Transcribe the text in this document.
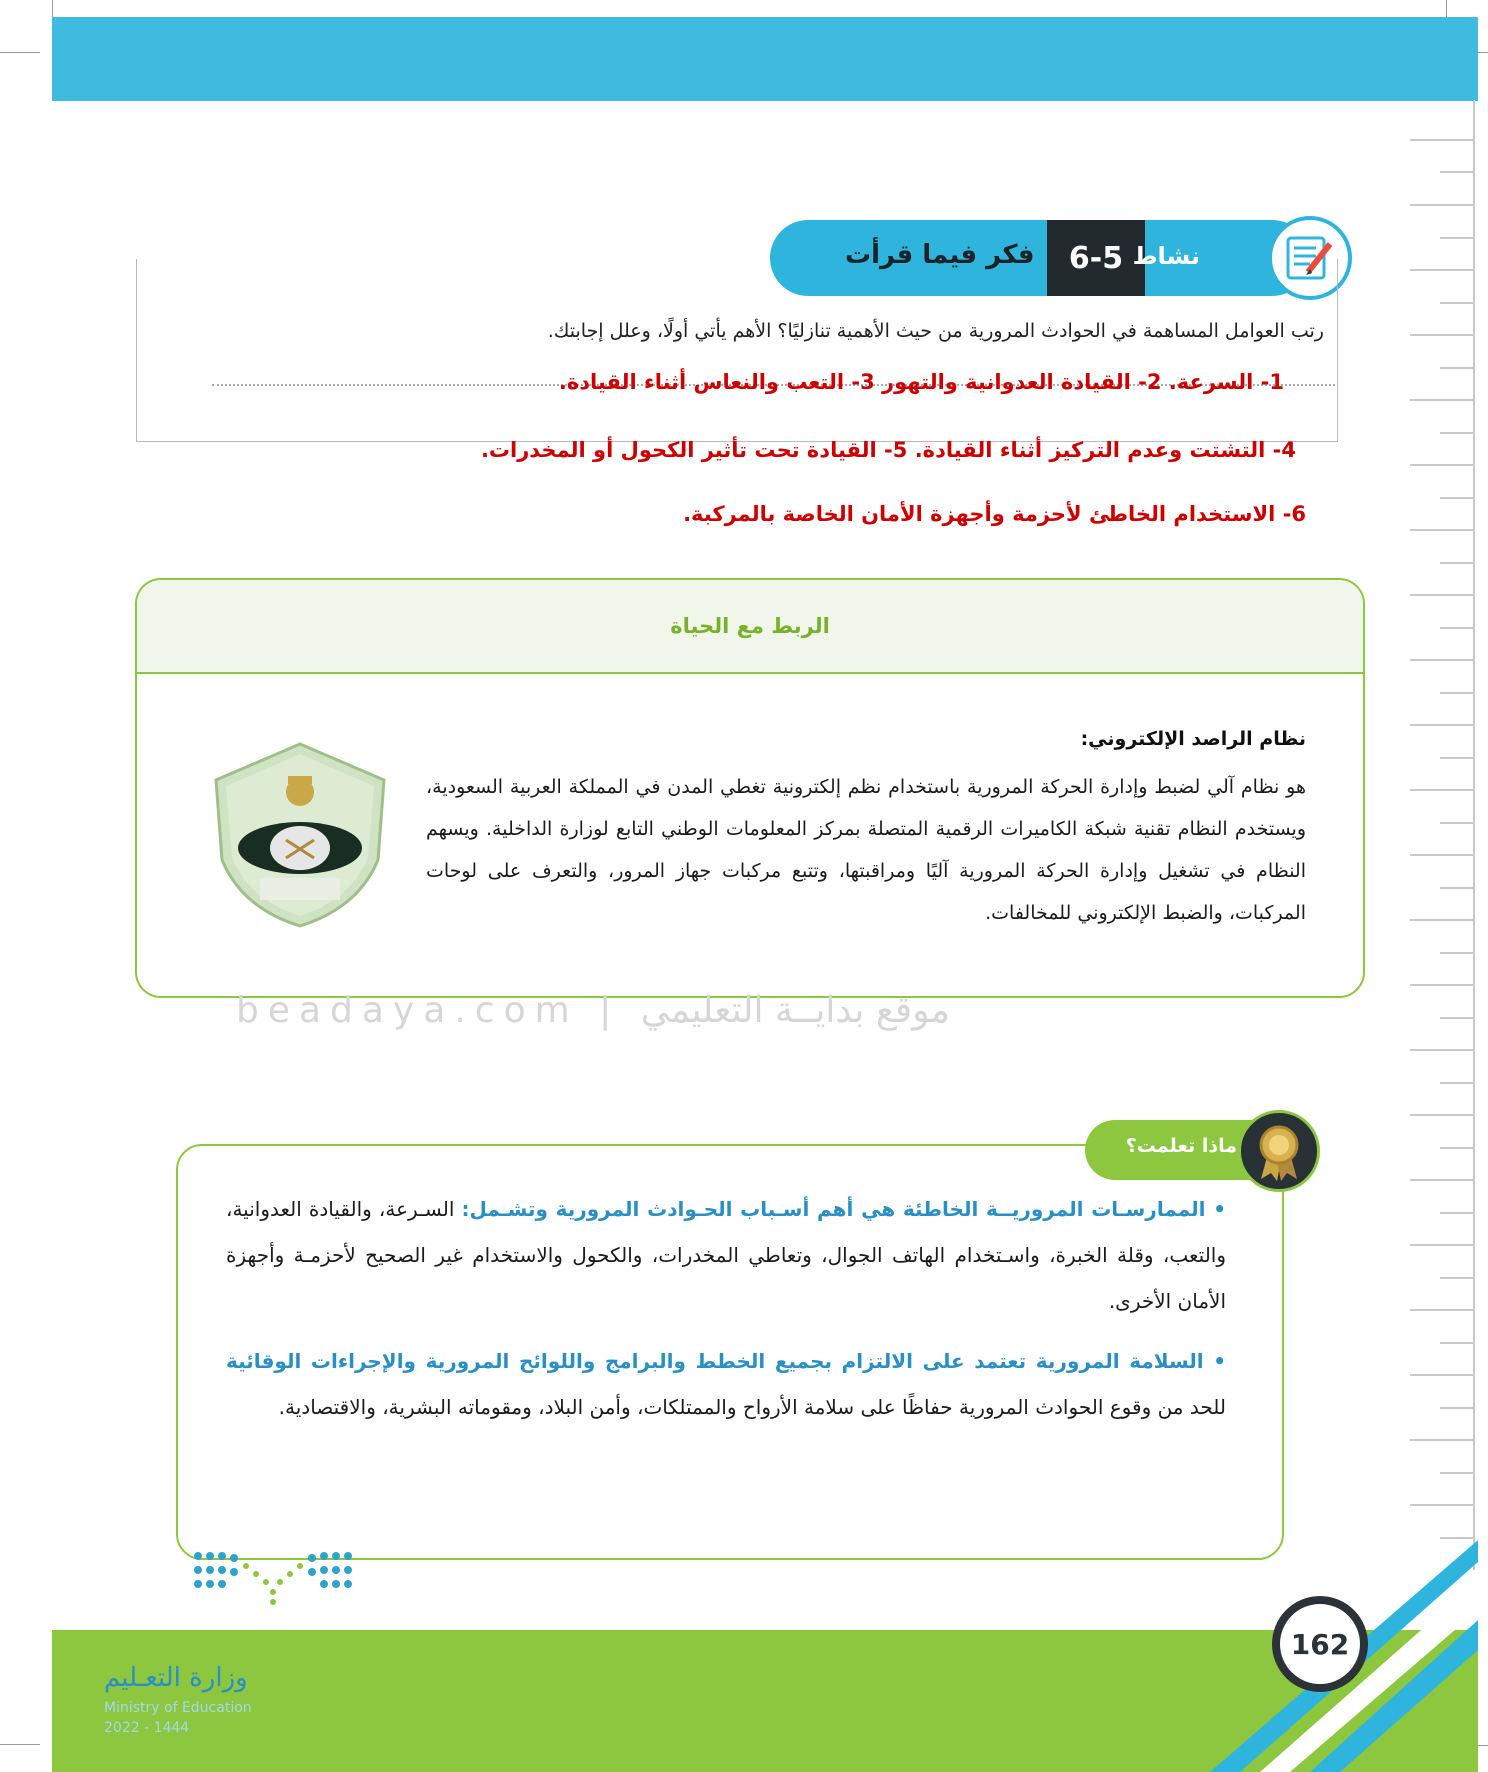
فكر فيما قرأت	6-5 نشاط
رتب العوامل المساهمة في الحوادث المرورية من حيث الأهمية تنازليًا؟ الأهم يأتي أولًا، وعلل إجابتك.
1- السرعة. 2- القيادة العدوانية والتهور 3- التعب والنعاس أثناء القيادة.
4- التشتت وعدم التركيز أثناء القيادة. 5- القيادة تحت تأثير الكحول أو المخدرات.
6- الاستخدام الخاطئ لأحزمة وأجهزة الأمان الخاصة بالمركبة.
الربط مع الحياة
نظام الراصد الإلكتروني:
هو نظام آلي لضبط وإدارة الحركة المرورية باستخدام نظم إلكترونية تغطي المدن في المملكة العربية السعودية، ويستخدم النظام تقنية شبكة الكاميرات الرقمية المتصلة بمركز المعلومات الوطني التابع لوزارة الداخلية. ويسهم النظام في تشغيل وإدارة الحركة المرورية آليًا ومراقبتها، وتتبع مركبات جهاز المرور، والتعرف على لوحات المركبات، والضبط الإلكتروني للمخالفات.
beadaya.com | موقع بدايــة التعليمي

• الممارسـات المروريــة الخاطئة هي أهم أسـباب الحـوادث المرورية وتشـمل: السـرعة، والقيادة العدوانية، والتعب، وقلة الخبرة، واسـتخدام الهاتف الجوال، وتعاطي المخدرات، والكحول والاستخدام غير الصحيح لأحزمـة وأجهزة الأمان الأخرى.

• السلامة المرورية تعتمد على الالتزام بجميع الخطط والبرامج واللوائح المرورية والإجراءات الوقائية للحد من وقوع الحوادث المرورية حفاظًا على سلامة الأرواح والممتلكات، وأمن البلاد، ومقوماته البشرية، والاقتصادية.

ماذا تعلمت؟
وزارة التعـليم
Ministry of Education
2022 - 1444
162
